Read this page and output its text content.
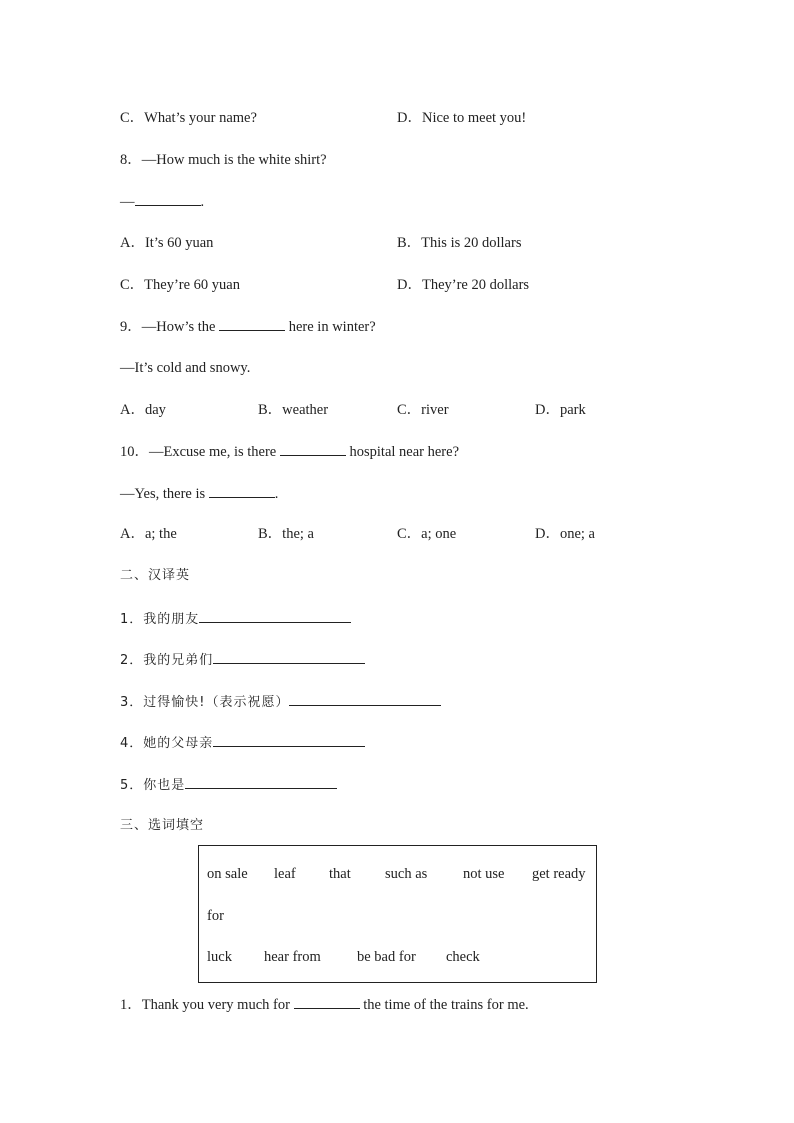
C．What’s your name?	D．Nice to meet you!
8．—How much is the white shirt?
—	.
A．It’s 60 yuan	B．This is 20 dollars
C．They’re 60 yuan	D．They’re 20 dollars
9．—How’s the	here in winter?
—It’s cold and snowy.
A．day	B．weather	C．river	D．park
10．—Excuse me, is there	hospital near here?
—Yes, there is	.
A．a; the	B．the; a	C．a; one	D．one; a
二、汉译英
1．我的朋友
2．我的兄弟们
3．过得愉快!（表示祝愿）
4．她的父母亲
5．你也是
三、选词填空
on sale leaf that such as not use get ready
for
luck hear from be bad for check
1．Thank you very much for	the time of the trains for me.
